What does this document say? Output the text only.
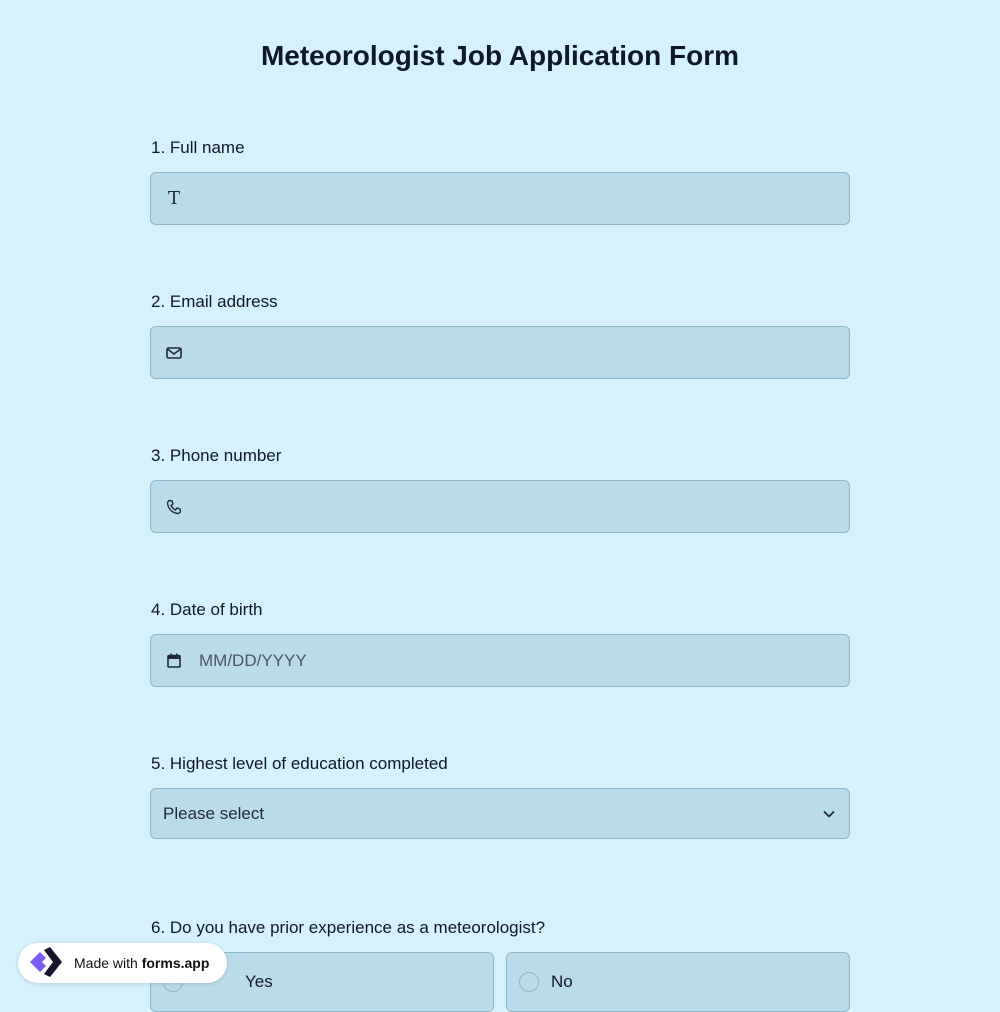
Meteorologist Job Application Form
1. Full name
T
2. Email address
3. Phone number
4. Date of birth
MM/DD/YYYY
5. Highest level of education completed
Please select
6. Do you have prior experience as a meteorologist?
Yes	No
Made with forms.app
